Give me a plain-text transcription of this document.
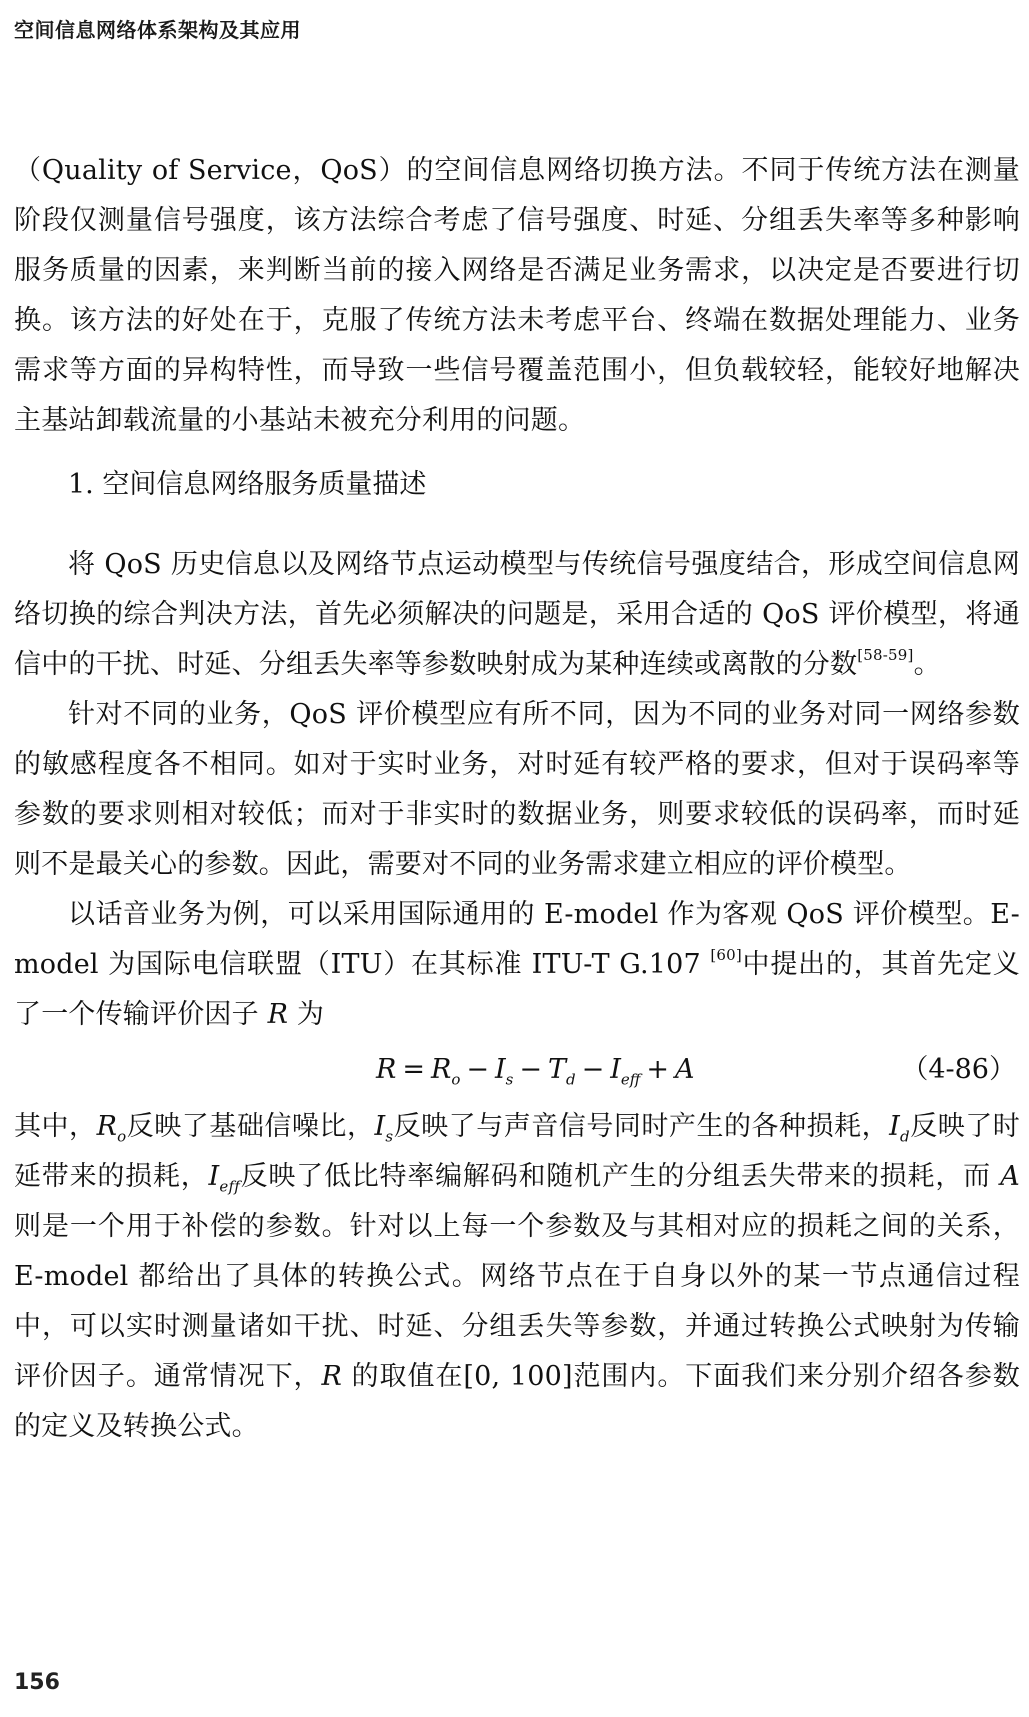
空间信息网络体系架构及其应用

（Quality of Service，QoS）的空间信息网络切换方法。不同于传统方法在测量阶段仅测量信号强度，该方法综合考虑了信号强度、时延、分组丢失率等多种影响服务质量的因素，来判断当前的接入网络是否满足业务需求，以决定是否要进行切换。该方法的好处在于，克服了传统方法未考虑平台、终端在数据处理能力、业务需求等方面的异构特性，而导致一些信号覆盖范围小，但负载较轻，能较好地解决主基站卸载流量的小基站未被充分利用的问题。

1. 空间信息网络服务质量描述

将 QoS 历史信息以及网络节点运动模型与传统信号强度结合，形成空间信息网络切换的综合判决方法，首先必须解决的问题是，采用合适的 QoS 评价模型，将通信中的干扰、时延、分组丢失率等参数映射成为某种连续或离散的分数[58-59]。

针对不同的业务，QoS 评价模型应有所不同，因为不同的业务对同一网络参数的敏感程度各不相同。如对于实时业务，对时延有较严格的要求，但对于误码率等参数的要求则相对较低；而对于非实时的数据业务，则要求较低的误码率，而时延则不是最关心的参数。因此，需要对不同的业务需求建立相应的评价模型。

以话音业务为例，可以采用国际通用的 E-model 作为客观 QoS 评价模型。E-model 为国际电信联盟（ITU）在其标准 ITU-T G.107 [60]中提出的，其首先定义了一个传输评价因子 R 为

$R = R_o - I_s - T_d - I_{eff} + A$	（4-86）

其中，$R_o$反映了基础信噪比，$I_s$反映了与声音信号同时产生的各种损耗，$I_d$反映了时延带来的损耗，$I_{eff}$反映了低比特率编解码和随机产生的分组丢失带来的损耗，而 A 则是一个用于补偿的参数。针对以上每一个参数及与其相对应的损耗之间的关系，E-model 都给出了具体的转换公式。网络节点在于自身以外的某一节点通信过程中，可以实时测量诸如干扰、时延、分组丢失等参数，并通过转换公式映射为传输评价因子。通常情况下，R 的取值在[0, 100]范围内。下面我们来分别介绍各参数的定义及转换公式。

156
